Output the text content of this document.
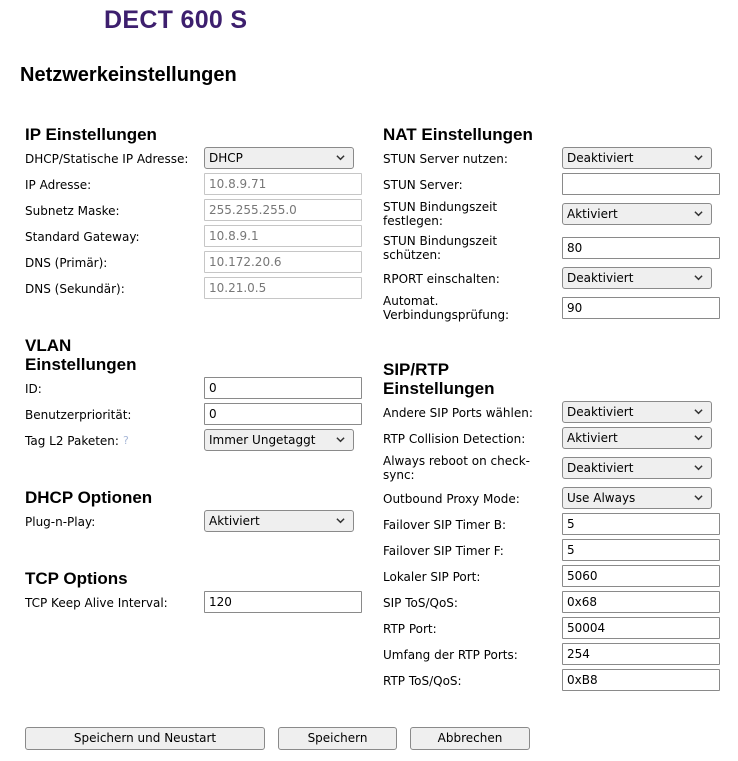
DECT 600 S
Netzwerkeinstellungen
IP Einstellungen
DHCP/Statische IP Adresse:	DHCP
IP Adresse:	10.8.9.71
Subnetz Maske:	255.255.255.0
Standard Gateway:	10.8.9.1
DNS (Primär):	10.172.20.6
DNS (Sekundär):	10.21.0.5
VLAN
Einstellungen
ID:	0
Benutzerpriorität:	0
Tag L2 Paketen: ?	Immer Ungetaggt
DHCP Optionen
Plug-n-Play:	Aktiviert
TCP Options
TCP Keep Alive Interval:	120
NAT Einstellungen
STUN Server nutzen:	Deaktiviert
STUN Server:
STUN Bindungszeit
festlegen:	Aktiviert
STUN Bindungszeit
schützen:	80
RPORT einschalten:	Deaktiviert
Automat.
Verbindungsprüfung:	90
SIP/RTP
Einstellungen
Andere SIP Ports wählen:	Deaktiviert
RTP Collision Detection:	Aktiviert
Always reboot on check-
sync:	Deaktiviert
Outbound Proxy Mode:	Use Always
Failover SIP Timer B:	5
Failover SIP Timer F:	5
Lokaler SIP Port:	5060
SIP ToS/QoS:	0x68
RTP Port:	50004
Umfang der RTP Ports:	254
RTP ToS/QoS:	0xB8
Speichern und Neustart	Speichern	Abbrechen
